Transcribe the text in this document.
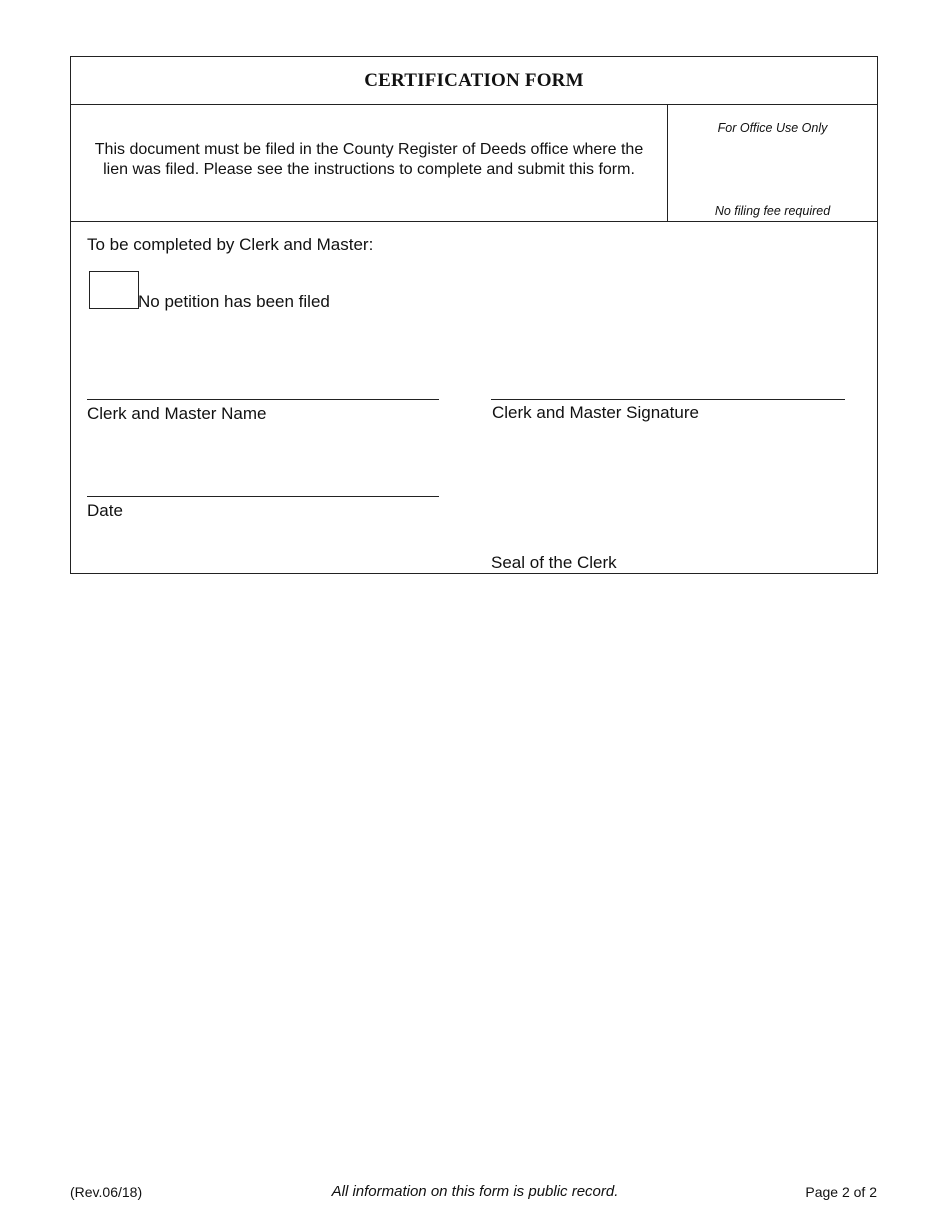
CERTIFICATION FORM
This document must be filed in the County Register of Deeds office where the lien was filed. Please see the instructions to complete and submit this form.
For Office Use Only
No filing fee required
To be completed by Clerk and Master:
No petition has been filed
Clerk and Master Name	Clerk and Master Signature
Date
Seal of the Clerk
(Rev.06/18)	All information on this form is public record.	Page 2 of 2
